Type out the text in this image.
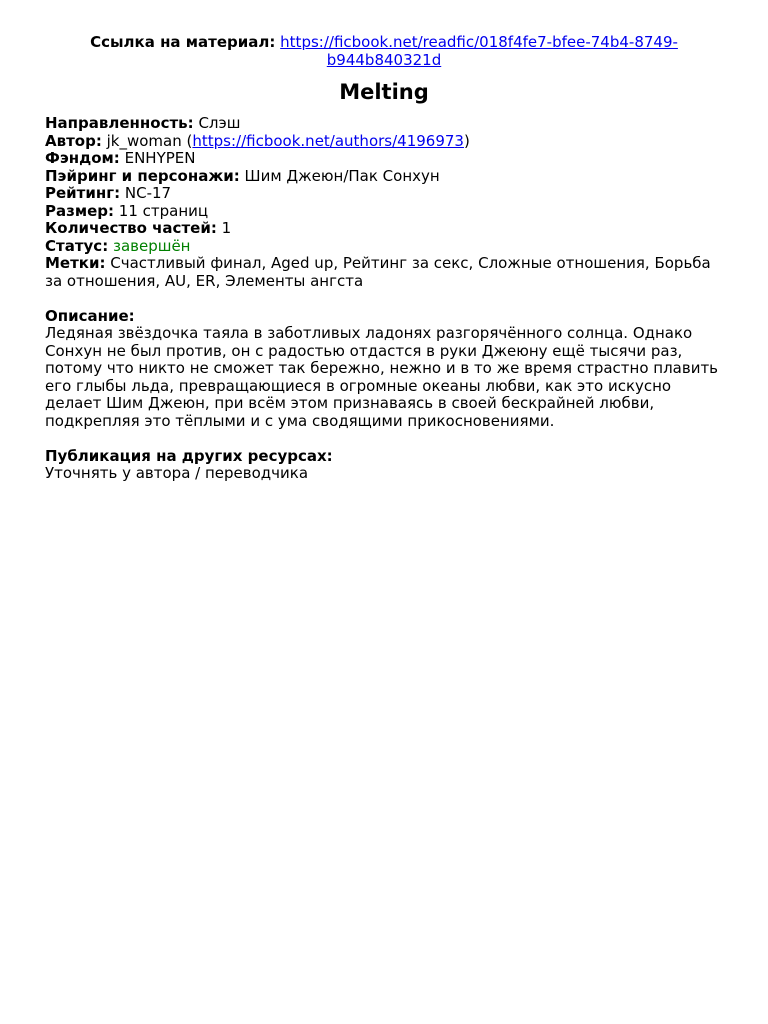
Ссылка на материал: https://ficbook.net/readfic/018f4fe7-bfee-74b4-8749-b944b840321d
Melting
Направленность: Слэш
Автор: jk_woman (https://ficbook.net/authors/4196973)
Фэндом: ENHYPEN
Пэйринг и персонажи: Шим Джеюн/Пак Сонхун
Рейтинг: NC-17
Размер: 11 страниц
Количество частей: 1
Статус: завершён
Метки: Счастливый финал, Aged up, Рейтинг за секс, Сложные отношения, Борьба за отношения, AU, ER, Элементы ангста
Описание:
Ледяная звёздочка таяла в заботливых ладонях разгорячённого солнца. Однако Сонхун не был против, он с радостью отдастся в руки Джеюну ещё тысячи раз, потому что никто не сможет так бережно, нежно и в то же время страстно плавить его глыбы льда, превращающиеся в огромные океаны любви, как это искусно делает Шим Джеюн, при всём этом признаваясь в своей бескрайней любви, подкрепляя это тёплыми и с ума сводящими прикосновениями.
Публикация на других ресурсах:
Уточнять у автора / переводчика
